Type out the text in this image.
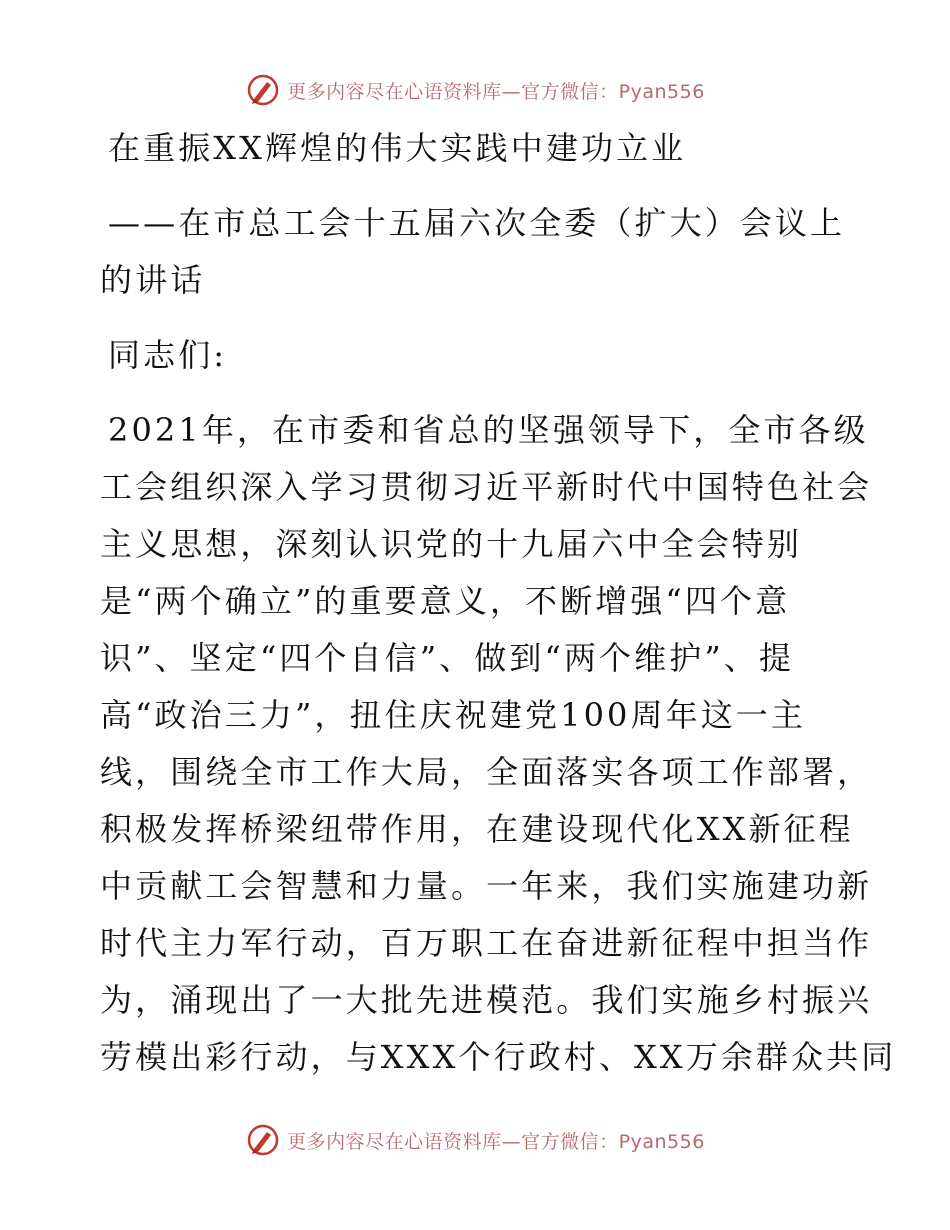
更多内容尽在心语资料库—官方微信：Pyan556
在重振XX辉煌的伟大实践中建功立业

——在市总工会十五届六次全委（扩大）会议上

的讲话

同志们:

2021年，在市委和省总的坚强领导下，全市各级

工会组织深入学习贯彻习近平新时代中国特色社会

主义思想，深刻认识党的十九届六中全会特别

是“两个确立”的重要意义，不断增强“四个意

识”、坚定“四个自信”、做到“两个维护”、提

高“政治三力”，扭住庆祝建党100周年这一主

线，围绕全市工作大局，全面落实各项工作部署，

积极发挥桥梁纽带作用，在建设现代化XX新征程

中贡献工会智慧和力量。一年来，我们实施建功新

时代主力军行动，百万职工在奋进新征程中担当作

为，涌现出了一大批先进模范。我们实施乡村振兴

劳模出彩行动，与XXX个行政村、XX万余群众共同

更多内容尽在心语资料库—官方微信：Pyan556
